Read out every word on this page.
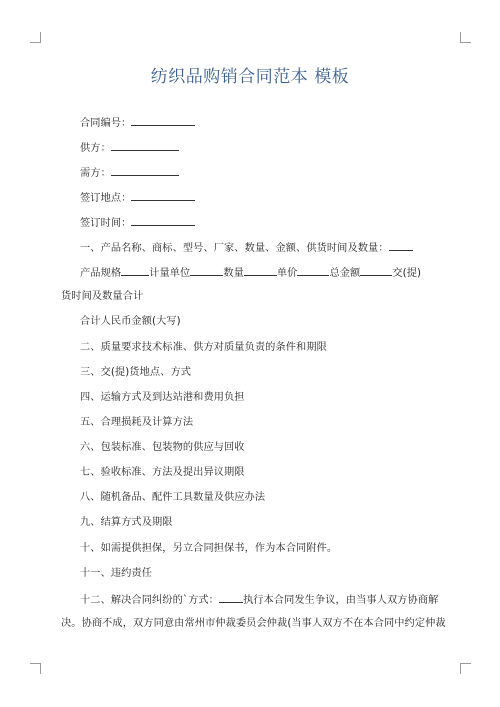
纺织品购销合同范本 模板
合同编号：
供方：
需方：
签订地点：
签订时间：
一、产品名称、商标、型号、厂家、数量、金额、供货时间及数量：
产品规格	计量单位	数量	单价	总金额	交(提)
货时间及数量合计
合计人民币金额(大写)
二、质量要求技术标准、供方对质量负责的条件和期限
三、交(提)货地点、方式
四、运输方式及到达站港和费用负担
五、合理损耗及计算方法
六、包装标准、包装物的供应与回收
七、验收标准、方法及提出异议期限
八、随机备品、配件工具数量及供应办法
九、结算方式及期限
十、如需提供担保，另立合同担保书，作为本合同附件。
十一、违约责任
十二、解决合同纠纷的`方式： 执行本合同发生争议，由当事人双方协商解
决。协商不成，双方同意由常州市仲裁委员会仲裁(当事人双方不在本合同中约定仲裁
